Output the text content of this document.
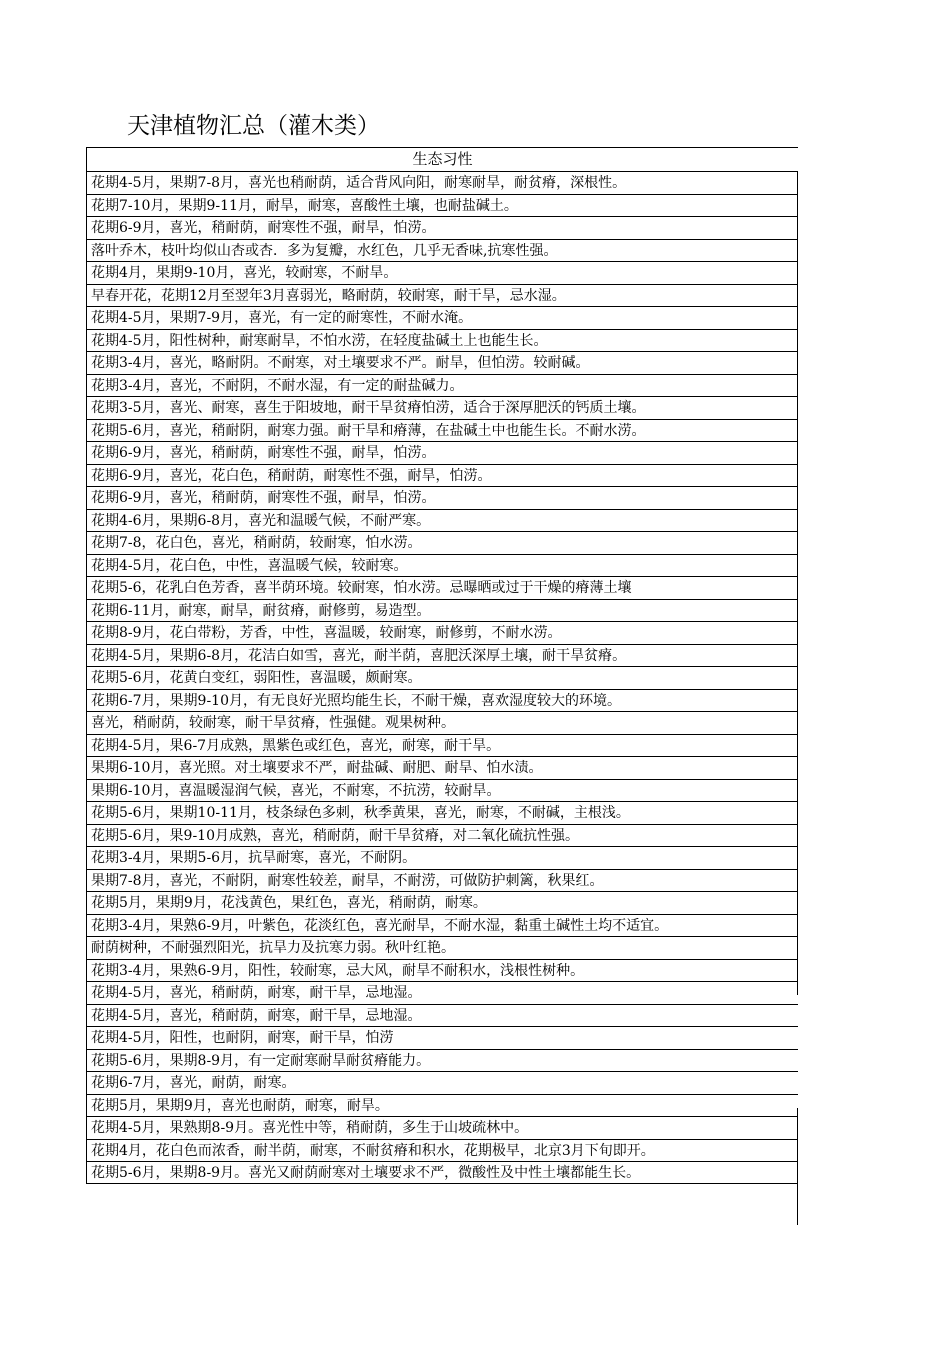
天津植物汇总（灌木类）
生态习性
花期4-5月，果期7-8月，喜光也稍耐荫，适合背风向阳，耐寒耐旱，耐贫瘠，深根性。
花期7-10月，果期9-11月，耐旱，耐寒，喜酸性土壤，也耐盐碱土。
花期6-9月，喜光，稍耐荫，耐寒性不强，耐旱，怕涝。
落叶乔木，枝叶均似山杏或杏．多为复瓣，水红色，几乎无香味,抗寒性强。
花期4月，果期9-10月，喜光，较耐寒，不耐旱。
早春开花，花期12月至翌年3月喜弱光，略耐荫，较耐寒，耐干旱，忌水湿。
花期4-5月，果期7-9月，喜光，有一定的耐寒性，不耐水淹。
花期4-5月，阳性树种，耐寒耐旱，不怕水涝，在轻度盐碱土上也能生长。
花期3-4月，喜光，略耐阴。不耐寒，对土壤要求不严。耐旱，但怕涝。较耐碱。
花期3-4月，喜光，不耐阴，不耐水湿，有一定的耐盐碱力。
花期3-5月，喜光、耐寒，喜生于阳坡地，耐干旱贫瘠怕涝，适合于深厚肥沃的钙质土壤。
花期5-6月，喜光，稍耐阴，耐寒力强。耐干旱和瘠薄，在盐碱土中也能生长。不耐水涝。
花期6-9月，喜光，稍耐荫，耐寒性不强，耐旱，怕涝。
花期6-9月，喜光，花白色，稍耐荫，耐寒性不强，耐旱，怕涝。
花期6-9月，喜光，稍耐荫，耐寒性不强，耐旱，怕涝。
花期4-6月，果期6-8月，喜光和温暖气候，不耐严寒。
花期7-8，花白色，喜光，稍耐荫，较耐寒，怕水涝。
花期4-5月，花白色，中性，喜温暖气候，较耐寒。
花期5-6，花乳白色芳香，喜半荫环境。较耐寒，怕水涝。忌曝晒或过于干燥的瘠薄土壤
花期6-11月，耐寒，耐旱，耐贫瘠，耐修剪，易造型。
花期8-9月，花白带粉，芳香，中性，喜温暖，较耐寒，耐修剪，不耐水涝。
花期4-5月，果期6-8月，花洁白如雪，喜光，耐半荫，喜肥沃深厚土壤，耐干旱贫瘠。
花期5-6月，花黄白变红，弱阳性，喜温暖，颇耐寒。
花期6-7月，果期9-10月，有无良好光照均能生长，不耐干燥，喜欢湿度较大的环境。
喜光，稍耐荫，较耐寒，耐干旱贫瘠，性强健。观果树种。
花期4-5月，果6-7月成熟，黑紫色或红色，喜光，耐寒，耐干旱。
果期6-10月，喜光照。对土壤要求不严，耐盐碱、耐肥、耐旱、怕水渍。
果期6-10月，喜温暖湿润气候，喜光，不耐寒，不抗涝，较耐旱。
花期5-6月，果期10-11月，枝条绿色多刺，秋季黄果，喜光，耐寒，不耐碱，主根浅。
花期5-6月，果9-10月成熟，喜光，稍耐荫，耐干旱贫瘠，对二氧化硫抗性强。
花期3-4月，果期5-6月，抗旱耐寒，喜光，不耐阴。
果期7-8月，喜光，不耐阴，耐寒性较差，耐旱，不耐涝，可做防护刺篱，秋果红。
花期5月，果期9月，花浅黄色，果红色，喜光，稍耐荫，耐寒。
花期3-4月，果熟6-9月，叶紫色，花淡红色，喜光耐旱，不耐水湿，黏重土碱性土均不适宜。
耐荫树种，不耐强烈阳光，抗旱力及抗寒力弱。秋叶红艳。
花期3-4月，果熟6-9月，阳性，较耐寒，忌大风，耐旱不耐积水，浅根性树种。
花期4-5月，喜光，稍耐荫，耐寒，耐干旱，忌地湿。
花期4-5月，喜光，稍耐荫，耐寒，耐干旱，忌地湿。
花期4-5月，阳性，也耐阴，耐寒，耐干旱，怕涝
花期5-6月，果期8-9月，有一定耐寒耐旱耐贫瘠能力。
花期6-7月，喜光，耐荫，耐寒。
花期5月，果期9月，喜光也耐荫，耐寒，耐旱。
花期4-5月，果熟期8-9月。喜光性中等，稍耐荫，多生于山坡疏林中。
花期4月，花白色而浓香，耐半荫，耐寒，不耐贫瘠和积水，花期极早，北京3月下旬即开。
花期5-6月，果期8-9月。喜光又耐荫耐寒对土壤要求不严，微酸性及中性土壤都能生长。
